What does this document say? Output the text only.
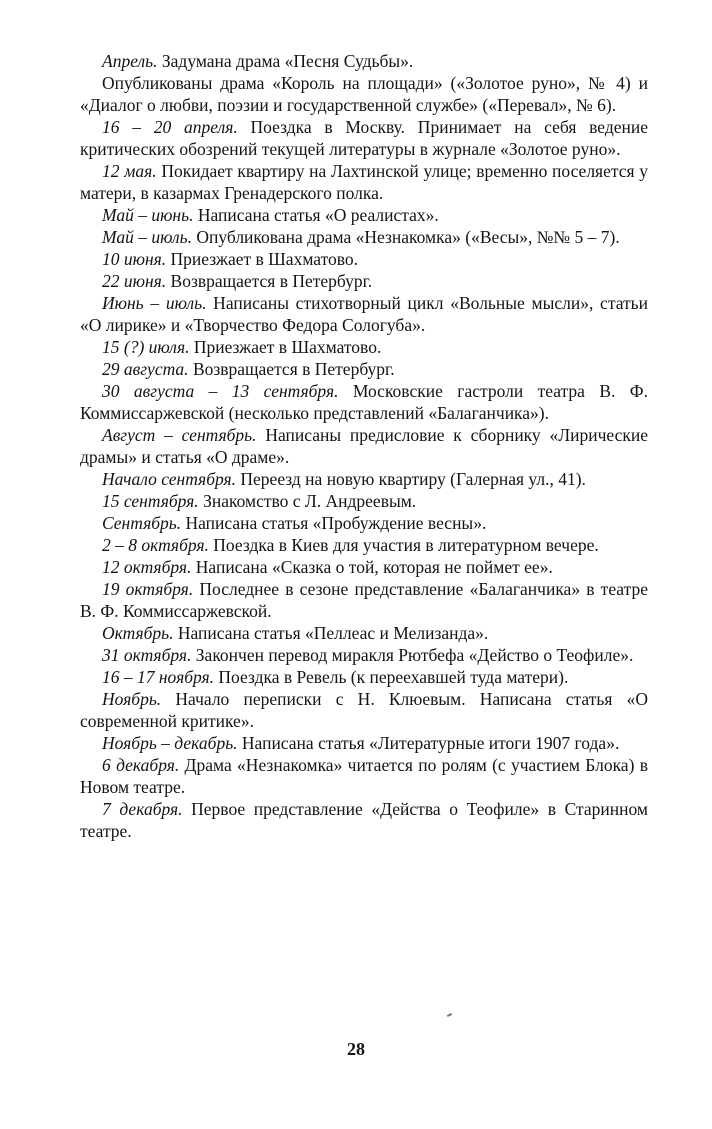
Апрель. Задумана драма «Песня Судьбы».

Опубликованы драма «Король на площади» («Золотое руно», № 4) и «Диалог о любви, поэзии и государственной службе» («Перевал», № 6).

16 – 20 апреля. Поездка в Москву. Принимает на себя ведение критических обозрений текущей литературы в журнале «Золотое руно».

12 мая. Покидает квартиру на Лахтинской улице; временно поселяется у матери, в казармах Гренадерского полка.

Май – июнь. Написана статья «О реалистах».

Май – июль. Опубликована драма «Незнакомка» («Весы», №№ 5 – 7).

10 июня. Приезжает в Шахматово.

22 июня. Возвращается в Петербург.

Июнь – июль. Написаны стихотворный цикл «Вольные мысли», статьи «О лирике» и «Творчество Федора Сологуба».

15 (?) июля. Приезжает в Шахматово.

29 августа. Возвращается в Петербург.

30 августа – 13 сентября. Московские гастроли театра В. Ф. Коммиссаржевской (несколько представлений «Балаганчика»).

Август – сентябрь. Написаны предисловие к сборнику «Лирические драмы» и статья «О драме».

Начало сентября. Переезд на новую квартиру (Галерная ул., 41).

15 сентября. Знакомство с Л. Андреевым.

Сентябрь. Написана статья «Пробуждение весны».

2 – 8 октября. Поездка в Киев для участия в литературном вечере.

12 октября. Написана «Сказка о той, которая не поймет ее».

19 октября. Последнее в сезоне представление «Балаганчика» в театре В. Ф. Коммиссаржевской.

Октябрь. Написана статья «Пеллеас и Мелизанда».

31 октября. Закончен перевод миракля Рютбефа «Действо о Теофиле».

16 – 17 ноября. Поездка в Ревель (к переехавшей туда матери).

Ноябрь. Начало переписки с Н. Клюевым. Написана статья «О современной критике».

Ноябрь – декабрь. Написана статья «Литературные итоги 1907 года».

6 декабря. Драма «Незнакомка» читается по ролям (с участием Блока) в Новом театре.

7 декабря. Первое представление «Действа о Теофиле» в Старинном театре.

28
